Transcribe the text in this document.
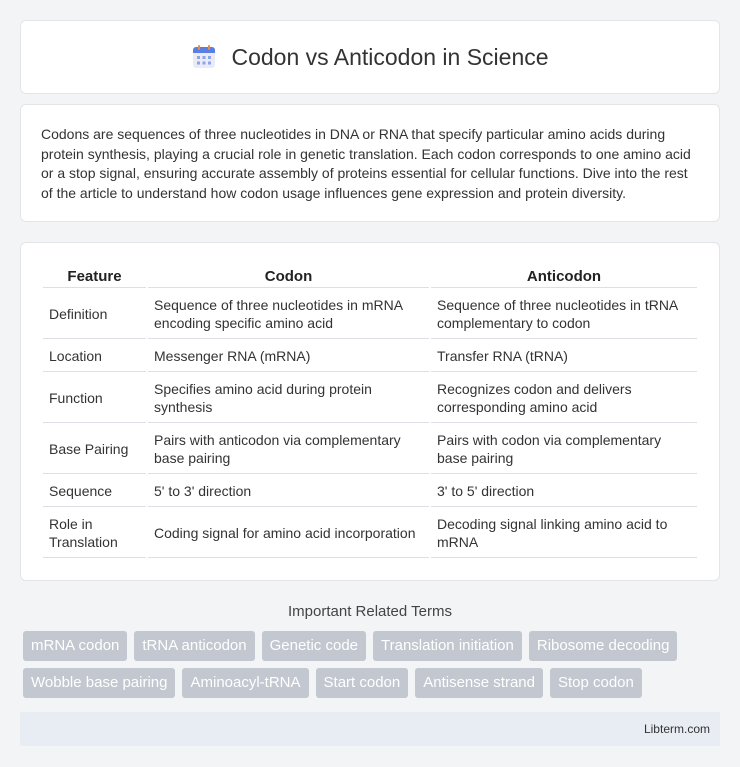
Codon vs Anticodon in Science

Codons are sequences of three nucleotides in DNA or RNA that specify particular amino acids during protein synthesis, playing a crucial role in genetic translation. Each codon corresponds to one amino acid or a stop signal, ensuring accurate assembly of proteins essential for cellular functions. Dive into the rest of the article to understand how codon usage influences gene expression and protein diversity.

Feature	Codon	Anticodon
Definition	Sequence of three nucleotides in mRNA encoding specific amino acid	Sequence of three nucleotides in tRNA complementary to codon
Location	Messenger RNA (mRNA)	Transfer RNA (tRNA)
Function	Specifies amino acid during protein synthesis	Recognizes codon and delivers corresponding amino acid
Base Pairing	Pairs with anticodon via complementary base pairing	Pairs with codon via complementary base pairing
Sequence	5' to 3' direction	3' to 5' direction
Role in Translation	Coding signal for amino acid incorporation	Decoding signal linking amino acid to mRNA
Important Related Terms
mRNA codon	tRNA anticodon	Genetic code	Translation initiation	Ribosome decoding
Wobble base pairing	Aminoacyl-tRNA	Start codon	Antisense strand	Stop codon
Libterm.com
